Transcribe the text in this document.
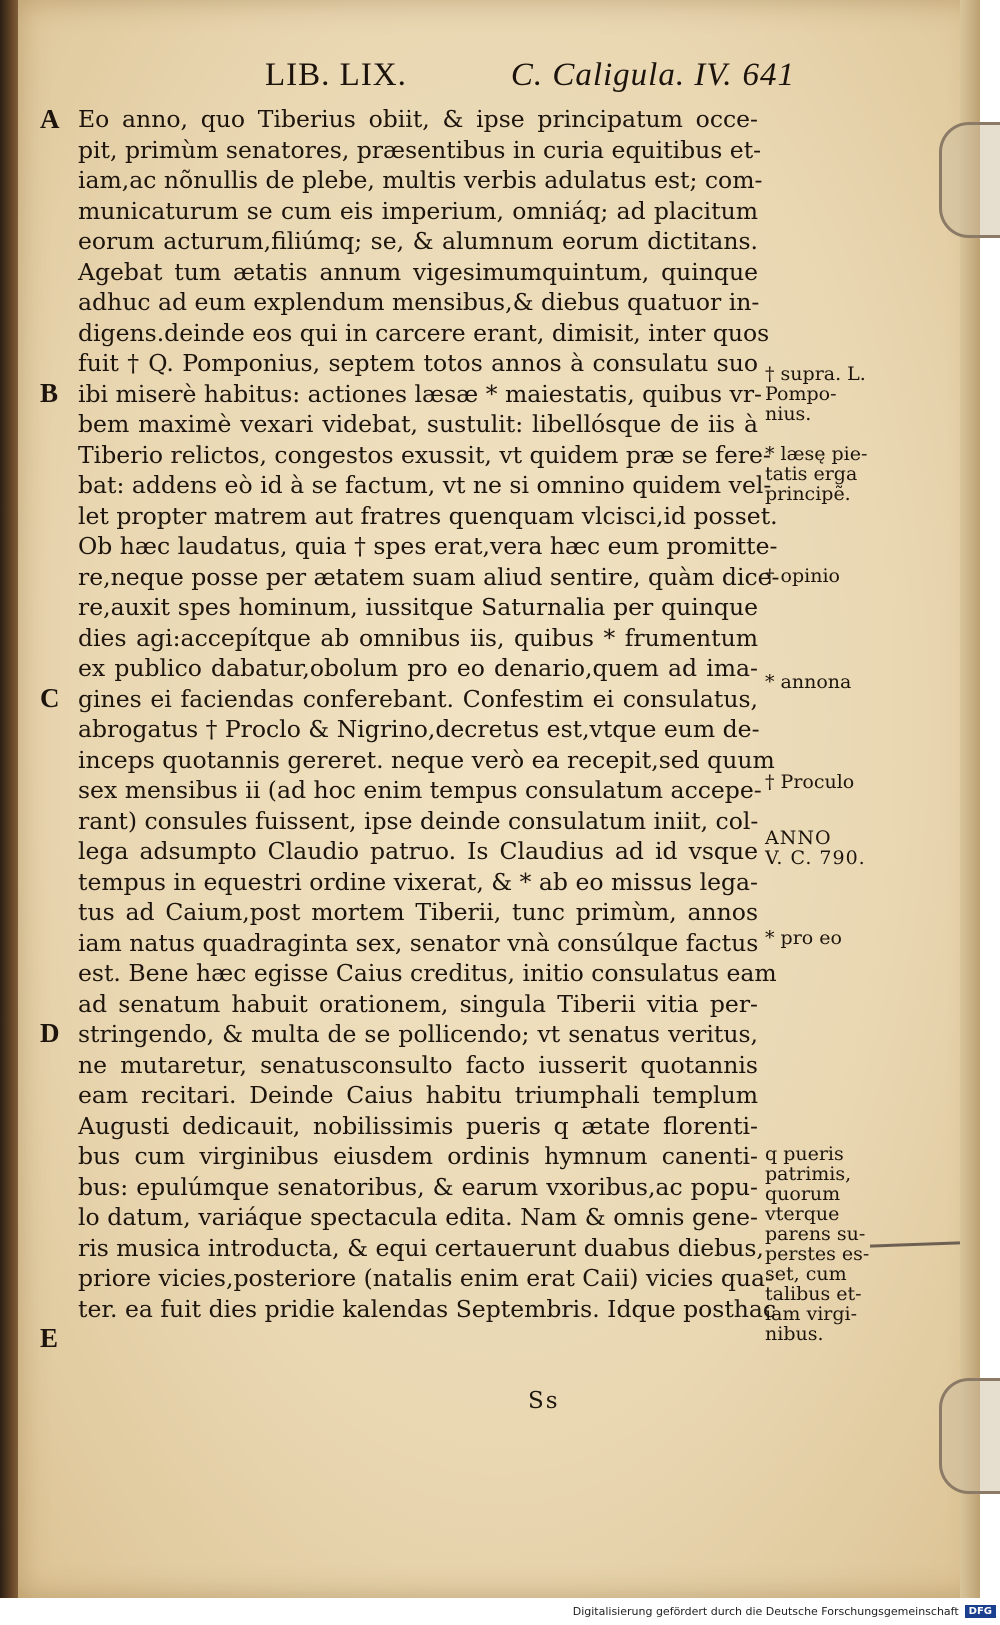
LIB. LIX.	C. Caligula. IV. 641
A
B
C
D
E
Eo anno, quo Tiberius obiit, & ipse principatum occe-
pit, primùm senatores, præsentibus in curia equitibus et-
iam,ac nõnullis de plebe, multis verbis adulatus est; com-
municaturum se cum eis imperium, omniáq; ad placitum
eorum acturum,filiúmq; se, & alumnum eorum dictitans.
Agebat tum ætatis annum vigesimumquintum, quinque
adhuc ad eum explendum mensibus,& diebus quatuor in-
digens.deinde eos qui in carcere erant, dimisit, inter quos
fuit † Q. Pomponius, septem totos annos à consulatu suo
ibi miserè habitus: actiones læsæ * maiestatis, quibus vr-
bem maximè vexari videbat, sustulit: libellósque de iis à
Tiberio relictos, congestos exussit, vt quidem præ se fere-
bat: addens eò id à se factum, vt ne si omnino quidem vel-
let propter matrem aut fratres quenquam vlcisci,id posset.
Ob hæc laudatus, quia † spes erat,vera hæc eum promitte-
re,neque posse per ætatem suam aliud sentire, quàm dice-
re,auxit spes hominum, iussitque Saturnalia per quinque
dies agi:accepítque ab omnibus iis, quibus * frumentum
ex publico dabatur,obolum pro eo denario,quem ad ima-
gines ei faciendas conferebant. Confestim ei consulatus,
abrogatus † Proclo & Nigrino,decretus est,vtque eum de-
inceps quotannis gereret. neque verò ea recepit,sed quum
sex mensibus ii (ad hoc enim tempus consulatum accepe-
rant) consules fuissent, ipse deinde consulatum iniit, col-
lega adsumpto Claudio patruo. Is Claudius ad id vsque
tempus in equestri ordine vixerat, & * ab eo missus lega-
tus ad Caium,post mortem Tiberii, tunc primùm, annos
iam natus quadraginta sex, senator vnà consúlque factus
est. Bene hæc egisse Caius creditus, initio consulatus eam
ad senatum habuit orationem, singula Tiberii vitia per-
stringendo, & multa de se pollicendo; vt senatus veritus,
ne mutaretur, senatusconsulto facto iusserit quotannis
eam recitari. Deinde Caius habitu triumphali templum
Augusti dedicauit, nobilissimis pueris q ætate florenti-
bus cum virginibus eiusdem ordinis hymnum canenti-
bus: epulúmque senatoribus, & earum vxoribus,ac popu-
lo datum, variáque spectacula edita. Nam & omnis gene-
ris musica introducta, & equi certauerunt duabus diebus,
priore vicies,posteriore (natalis enim erat Caii) vicies qua-
ter. ea fuit dies pridie kalendas Septembris. Idque posthac
† supra. L.
Pompo-
nius.
* læsę pie-
tatis erga
principẽ.
† opinio
* annona
† Proculo
ANNO
V. C. 790.
* pro eo
q pueris
patrimis,
quorum
vterque
parens su-
perstes es-
set, cum
talibus et-
iam virgi-
nibus.
Ss
Digitalisierung gefördert durch die Deutsche Forschungsgemeinschaft	DFG
